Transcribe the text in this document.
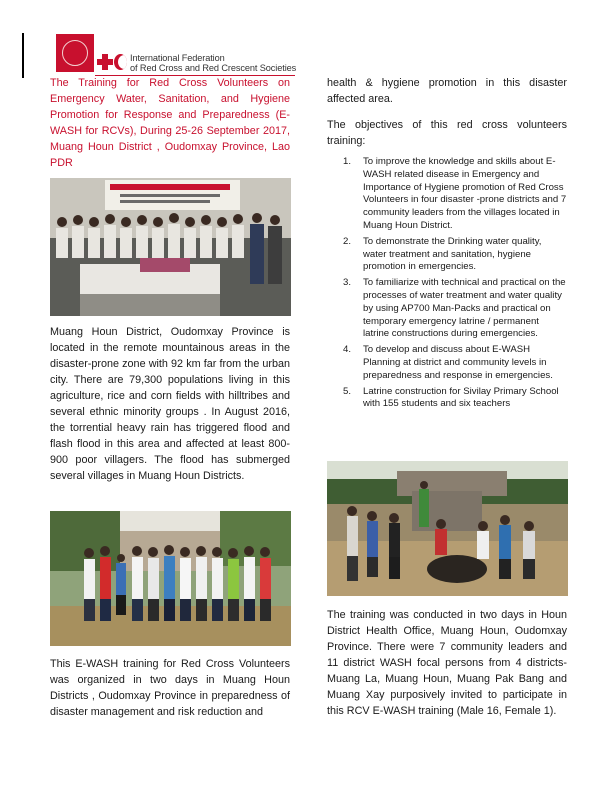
International Federation
of Red Cross and Red Crescent Societies
The Training for Red Cross Volunteers on Emergency Water, Sanitation, and Hygiene Promotion for Response and Preparedness (E-WASH for RCVs), During 25-26 September 2017, Muang Houn District , Oudomxay Province, Lao PDR

Muang Houn District, Oudomxay Province is located in the remote mountainous areas in the disaster-prone zone with 92 km far from the urban city. There are 79,300 populations living in this agriculture, rice and corn fields with hilltribes and several ethnic minority groups . In August 2016, the torrential heavy rain has triggered flood and flash flood in this area and affected at least 800-900 poor villagers. The flood has submerged several villages in Muang Houn Districts.

This E-WASH training for Red Cross Volunteers was organized in two days in Muang Houn Districts , Oudomxay Province in preparedness of disaster management and risk reduction and

health & hygiene promotion in this disaster affected area.

The objectives of this red cross volunteers training:

1. To improve the knowledge and skills about E-WASH related disease in Emergency and Importance of Hygiene promotion of Red Cross Volunteers in four disaster -prone districts and 7 community leaders from the villages located in Muang Houn District.
2. To demonstrate the Drinking water quality, water treatment and sanitation, hygiene promotion in emergencies.
3. To familiarize with technical and practical on the processes of water treatment and water quality by using AP700 Man-Packs and practical on temporary emergency latrine / permanent latrine constructions during emergencies.
4. To develop and discuss about E-WASH Planning at district and community levels in preparedness and response in emergencies.
5. Latrine construction for Sivilay Primary School with 155 students and six teachers

The training was conducted in two days in Houn District Health Office, Muang Houn, Oudomxay Province. There were 7 community leaders and 11 district WASH focal persons from 4 districts-Muang La, Muang Houn, Muang Pak Bang and Muang Xay purposively invited to participate in this RCV E-WASH training (Male 16, Female 1).
